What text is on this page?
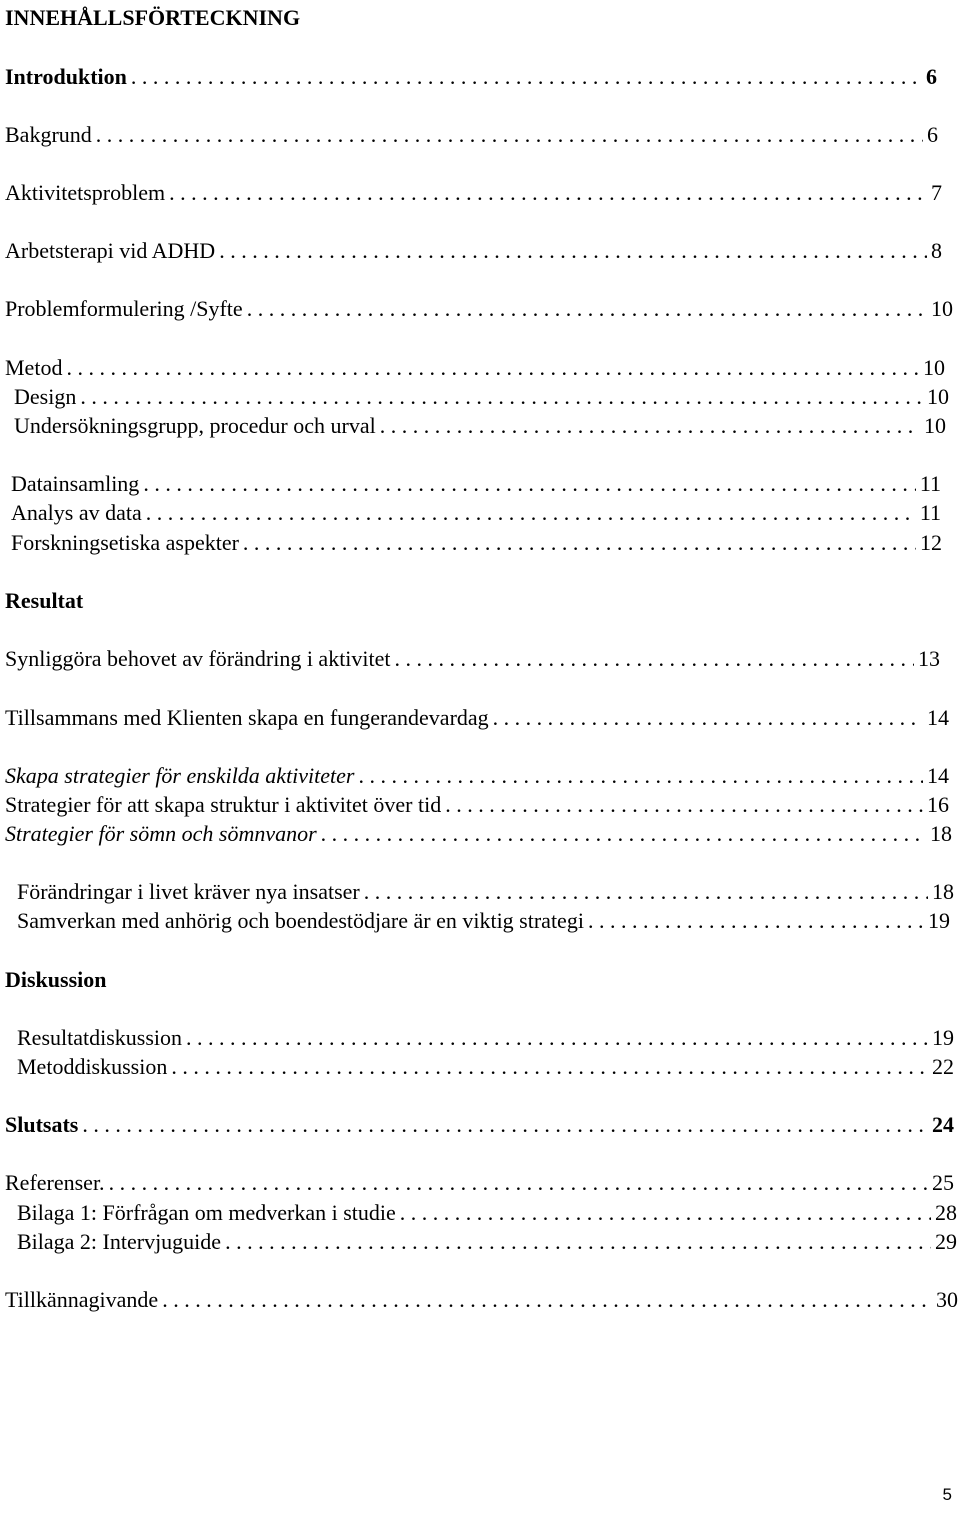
INNEHÅLLSFÖRTECKNING
Introduktion . . .	6
Bakgrund . . .	6
Aktivitetsproblem . . .	7
Arbetsterapi vid ADHD . . .	8
Problemformulering /Syfte . . .	10
Metod . . .	10
Design . . .	10
Undersökningsgrupp, procedur och urval . . .	10
Datainsamling . . .	11
Analys av data . . .	11
Forskningsetiska aspekter . . .	12
Resultat
Synliggöra behovet av förändring i aktivitet . . .	13
Tillsammans med Klienten skapa en fungerandevardag . . .	14
Skapa strategier för enskilda aktiviteter . . .	14
Strategier för att skapa struktur i aktivitet över tid . . .	16
Strategier för sömn och sömnvanor . . .	18
Förändringar i livet kräver nya insatser . . .	18
Samverkan med anhörig och boendestödjare är en viktig strategi . . .	19
Diskussion
Resultatdiskussion . . .	19
Metoddiskussion . . .	22
Slutsats . . .	24
Referenser. . . .	25
Bilaga 1: Förfrågan om medverkan i studie . . .	28
Bilaga 2: Intervjuguide . . .	29
Tillkännagivande . . .	30
5
